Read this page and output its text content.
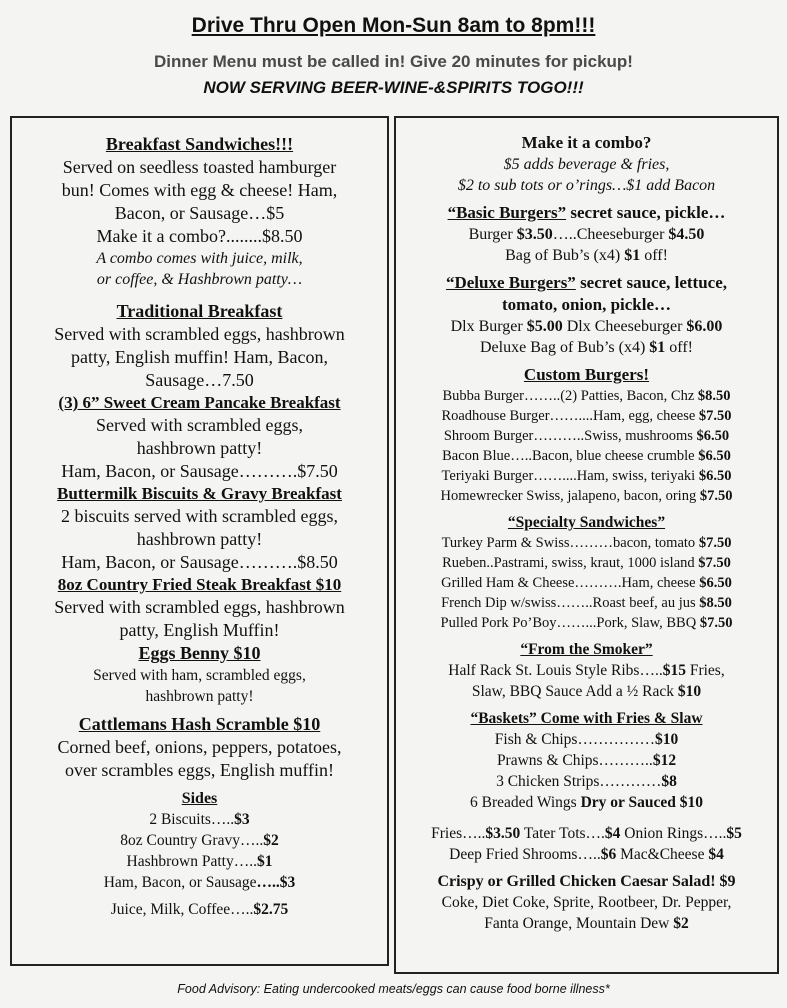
Drive Thru Open Mon-Sun 8am to 8pm!!!
Dinner Menu must be called in! Give 20 minutes for pickup!
NOW SERVING BEER-WINE-&SPIRITS TOGO!!!

Breakfast Sandwiches!!!

Served on seedless toasted hamburger

bun! Comes with egg & cheese! Ham,

Bacon, or Sausage…$5

Make it a combo?........$8.50

A combo comes with juice, milk,

or coffee, & Hashbrown patty…

Traditional Breakfast

Served with scrambled eggs, hashbrown

patty, English muffin! Ham, Bacon,

Sausage…7.50

(3) 6” Sweet Cream Pancake Breakfast

Served with scrambled eggs,

hashbrown patty!

Ham, Bacon, or Sausage……….$7.50

Buttermilk Biscuits & Gravy Breakfast

2 biscuits served with scrambled eggs,

hashbrown patty!

Ham, Bacon, or Sausage……….$8.50

8oz Country Fried Steak Breakfast $10

Served with scrambled eggs, hashbrown

patty, English Muffin!

Eggs Benny $10

Served with ham, scrambled eggs,

hashbrown patty!

Cattlemans Hash Scramble $10

Corned beef, onions, peppers, potatoes,

over scrambles eggs, English muffin!

Sides

2 Biscuits…..$3

8oz Country Gravy…..$2

Hashbrown Patty…..$1

Ham, Bacon, or Sausage…..$3

Juice, Milk, Coffee…..$2.75

Make it a combo?

$5 adds beverage & fries,

$2 to sub tots or o’rings…$1 add Bacon

“Basic Burgers” secret sauce, pickle…

Burger $3.50…..Cheeseburger $4.50

Bag of Bub’s (x4) $1 off!

“Deluxe Burgers” secret sauce, lettuce,

tomato, onion, pickle…

Dlx Burger $5.00 Dlx Cheeseburger $6.00

Deluxe Bag of Bub’s (x4) $1 off!

Custom Burgers!

Bubba Burger……..(2) Patties, Bacon, Chz $8.50

Roadhouse Burger……....Ham, egg, cheese $7.50

Shroom Burger………..Swiss, mushrooms $6.50

Bacon Blue…..Bacon, blue cheese crumble $6.50

Teriyaki Burger……....Ham, swiss, teriyaki $6.50

Homewrecker Swiss, jalapeno, bacon, oring $7.50

“Specialty Sandwiches”

Turkey Parm & Swiss………bacon, tomato $7.50

Rueben..Pastrami, swiss, kraut, 1000 island $7.50

Grilled Ham & Cheese……….Ham, cheese $6.50

French Dip w/swiss……..Roast beef, au jus $8.50

Pulled Pork Po’Boy……...Pork, Slaw, BBQ $7.50

“From the Smoker”

Half Rack St. Louis Style Ribs…..$15 Fries,

Slaw, BBQ Sauce Add a ½ Rack $10

“Baskets” Come with Fries & Slaw

Fish & Chips……………$10

Prawns & Chips………..$12

3 Chicken Strips…………$8

6 Breaded Wings Dry or Sauced $10

Fries…..$3.50 Tater Tots….$4 Onion Rings…..$5

Deep Fried Shrooms…..$6 Mac&Cheese $4

Crispy or Grilled Chicken Caesar Salad! $9

Coke, Diet Coke, Sprite, Rootbeer, Dr. Pepper,

Fanta Orange, Mountain Dew $2

Food Advisory: Eating undercooked meats/eggs can cause food borne illness*
